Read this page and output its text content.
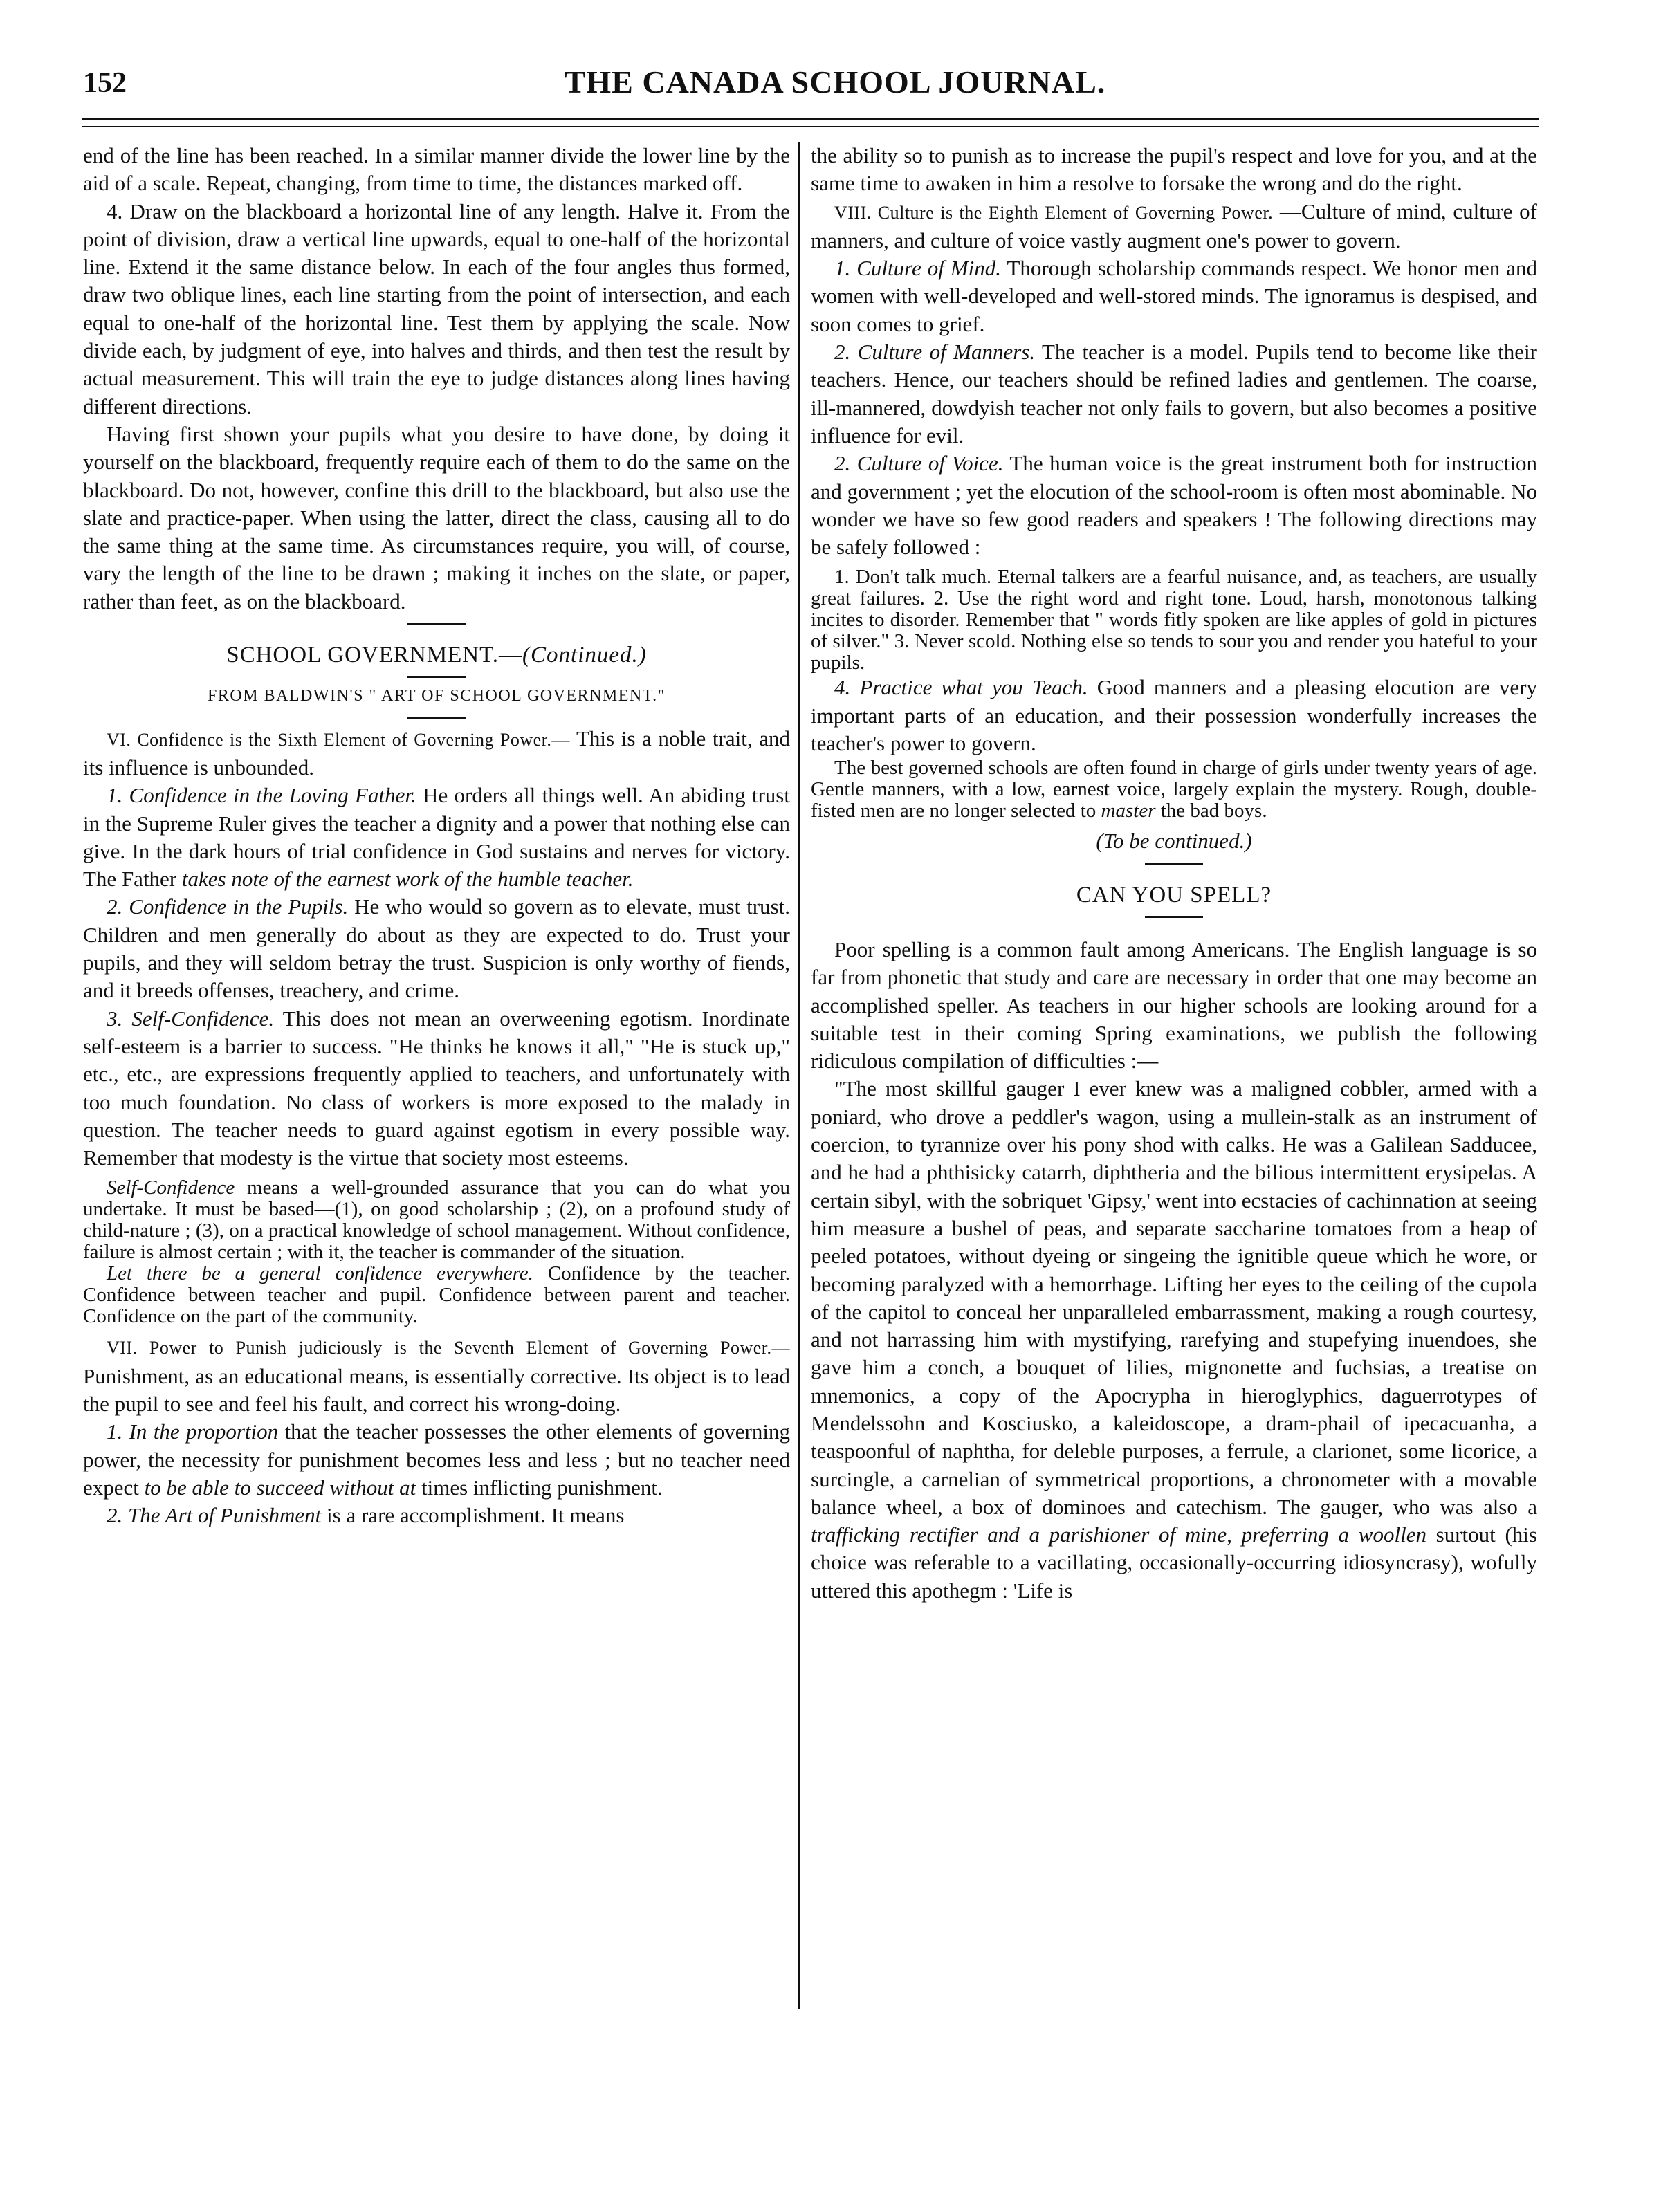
152	THE CANADA SCHOOL JOURNAL.

end of the line has been reached. In a similar manner divide the lower line by the aid of a scale. Repeat, changing, from time to time, the distances marked off.

4. Draw on the blackboard a horizontal line of any length. Halve it. From the point of division, draw a vertical line upwards, equal to one-half of the horizontal line. Extend it the same distance below. In each of the four angles thus formed, draw two oblique lines, each line starting from the point of intersection, and each equal to one-half of the horizontal line. Test them by applying the scale. Now divide each, by judgment of eye, into halves and thirds, and then test the result by actual measurement. This will train the eye to judge distances along lines having different directions.

Having first shown your pupils what you desire to have done, by doing it yourself on the blackboard, frequently require each of them to do the same on the blackboard. Do not, however, confine this drill to the blackboard, but also use the slate and practice-paper. When using the latter, direct the class, causing all to do the same thing at the same time. As circumstances require, you will, of course, vary the length of the line to be drawn ; making it inches on the slate, or paper, rather than feet, as on the blackboard.

SCHOOL GOVERNMENT.—(Continued.)
FROM BALDWIN'S " ART OF SCHOOL GOVERNMENT."

VI. Confidence is the Sixth Element of Governing Power.— This is a noble trait, and its influence is unbounded.

1. Confidence in the Loving Father. He orders all things well. An abiding trust in the Supreme Ruler gives the teacher a dignity and a power that nothing else can give. In the dark hours of trial confidence in God sustains and nerves for victory. The Father takes note of the earnest work of the humble teacher.

2. Confidence in the Pupils. He who would so govern as to elevate, must trust. Children and men generally do about as they are expected to do. Trust your pupils, and they will seldom betray the trust. Suspicion is only worthy of fiends, and it breeds offenses, treachery, and crime.

3. Self-Confidence. This does not mean an overweening egotism. Inordinate self-esteem is a barrier to success. "He thinks he knows it all," "He is stuck up," etc., etc., are expressions frequently applied to teachers, and unfortunately with too much foundation. No class of workers is more exposed to the malady in question. The teacher needs to guard against egotism in every possible way. Remember that modesty is the virtue that society most esteems.

Self-Confidence means a well-grounded assurance that you can do what you undertake. It must be based—(1), on good scholarship ; (2), on a profound study of child-nature ; (3), on a practical knowledge of school management. Without confidence, failure is almost certain ; with it, the teacher is commander of the situation.

Let there be a general confidence everywhere. Confidence by the teacher. Confidence between teacher and pupil. Confidence between parent and teacher. Confidence on the part of the community.

VII. Power to Punish judiciously is the Seventh Element of Governing Power.—Punishment, as an educational means, is essentially corrective. Its object is to lead the pupil to see and feel his fault, and correct his wrong-doing.

1. In the proportion that the teacher possesses the other elements of governing power, the necessity for punishment becomes less and less ; but no teacher need expect to be able to succeed without at times inflicting punishment.

2. The Art of Punishment is a rare accomplishment. It means

the ability so to punish as to increase the pupil's respect and love for you, and at the same time to awaken in him a resolve to forsake the wrong and do the right.

VIII. Culture is the Eighth Element of Governing Power. —Culture of mind, culture of manners, and culture of voice vastly augment one's power to govern.

1. Culture of Mind. Thorough scholarship commands respect. We honor men and women with well-developed and well-stored minds. The ignoramus is despised, and soon comes to grief.

2. Culture of Manners. The teacher is a model. Pupils tend to become like their teachers. Hence, our teachers should be refined ladies and gentlemen. The coarse, ill-mannered, dowdyish teacher not only fails to govern, but also becomes a positive influence for evil.

2. Culture of Voice. The human voice is the great instrument both for instruction and government ; yet the elocution of the school-room is often most abominable. No wonder we have so few good readers and speakers ! The following directions may be safely followed :

1. Don't talk much. Eternal talkers are a fearful nuisance, and, as teachers, are usually great failures. 2. Use the right word and right tone. Loud, harsh, monotonous talking incites to disorder. Remember that " words fitly spoken are like apples of gold in pictures of silver." 3. Never scold. Nothing else so tends to sour you and render you hateful to your pupils.

4. Practice what you Teach. Good manners and a pleasing elocution are very important parts of an education, and their possession wonderfully increases the teacher's power to govern.

The best governed schools are often found in charge of girls under twenty years of age. Gentle manners, with a low, earnest voice, largely explain the mystery. Rough, double-fisted men are no longer selected to master the bad boys.

(To be continued.)

CAN YOU SPELL?

Poor spelling is a common fault among Americans. The English language is so far from phonetic that study and care are necessary in order that one may become an accomplished speller. As teachers in our higher schools are looking around for a suitable test in their coming Spring examinations, we publish the following ridiculous compilation of difficulties :—

"The most skillful gauger I ever knew was a maligned cobbler, armed with a poniard, who drove a peddler's wagon, using a mullein-stalk as an instrument of coercion, to tyrannize over his pony shod with calks. He was a Galilean Sadducee, and he had a phthisicky catarrh, diphtheria and the bilious intermittent erysipelas. A certain sibyl, with the sobriquet 'Gipsy,' went into ecstacies of cachinnation at seeing him measure a bushel of peas, and separate saccharine tomatoes from a heap of peeled potatoes, without dyeing or singeing the ignitible queue which he wore, or becoming paralyzed with a hemorrhage. Lifting her eyes to the ceiling of the cupola of the capitol to conceal her unparalleled embarrassment, making a rough courtesy, and not harrassing him with mystifying, rarefying and stupefying inuendoes, she gave him a conch, a bouquet of lilies, mignonette and fuchsias, a treatise on mnemonics, a copy of the Apocrypha in hieroglyphics, daguerrotypes of Mendelssohn and Kosciusko, a kaleidoscope, a dram-phail of ipecacuanha, a teaspoonful of naphtha, for deleble purposes, a ferrule, a clarionet, some licorice, a surcingle, a carnelian of symmetrical proportions, a chronometer with a movable balance wheel, a box of dominoes and catechism. The gauger, who was also a trafficking rectifier and a parishioner of mine, preferring a woollen surtout (his choice was referable to a vacillating, occasionally-occurring idiosyncrasy), wofully uttered this apothegm : 'Life is
